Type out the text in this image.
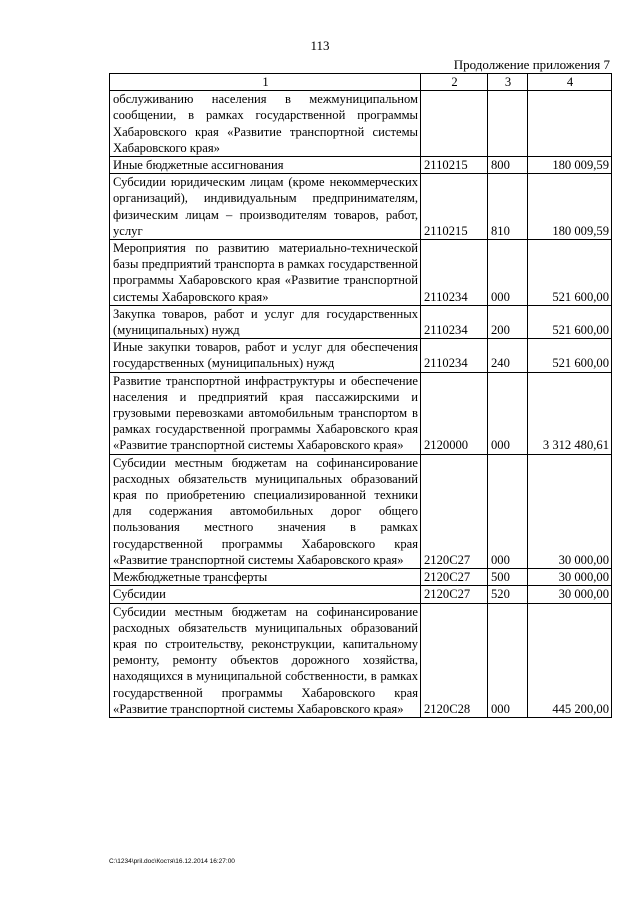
113
Продолжение приложения 7
1	2	3	4
обслуживанию населения в межмуниципальном сообщении, в рамках государственной программы Хабаровского края «Развитие транспортной системы Хабаровского края»			
Иные бюджетные ассигнования	2110215	800	180 009,59
Субсидии юридическим лицам (кроме некоммерческих организаций), индивидуальным предпринимателям, физическим лицам – производителям товаров, работ, услуг	2110215	810	180 009,59
Мероприятия по развитию материально-технической базы предприятий транспорта в рамках государственной программы Хабаровского края «Развитие транспортной системы Хабаровского края»	2110234	000	521 600,00
Закупка товаров, работ и услуг для государственных (муниципальных) нужд	2110234	200	521 600,00
Иные закупки товаров, работ и услуг для обеспечения государственных (муниципальных) нужд	2110234	240	521 600,00
Развитие транспортной инфраструктуры и обеспечение населения и предприятий края пассажирскими и грузовыми перевозками автомобильным транспортом в рамках государственной программы Хабаровского края «Развитие транспортной системы Хабаровского края»	2120000	000	3 312 480,61
Субсидии местным бюджетам на софинансирование расходных обязательств муниципальных образований края по приобретению специализированной техники для содержания автомобильных дорог общего пользования местного значения в рамках государственной программы Хабаровского края «Развитие транспортной системы Хабаровского края»	2120С27	000	30 000,00
Межбюджетные трансферты	2120С27	500	30 000,00
Субсидии	2120С27	520	30 000,00
Субсидии местным бюджетам на софинансирование расходных обязательств муниципальных образований края по строительству, реконструкции, капитальному ремонту, ремонту объектов дорожного хозяйства, находящихся в муниципальной собственности, в рамках государственной программы Хабаровского края «Развитие транспортной системы Хабаровского края»	2120С28	000	445 200,00
C:\1234\pril.doc\Костя\16.12.2014 16:27:00
